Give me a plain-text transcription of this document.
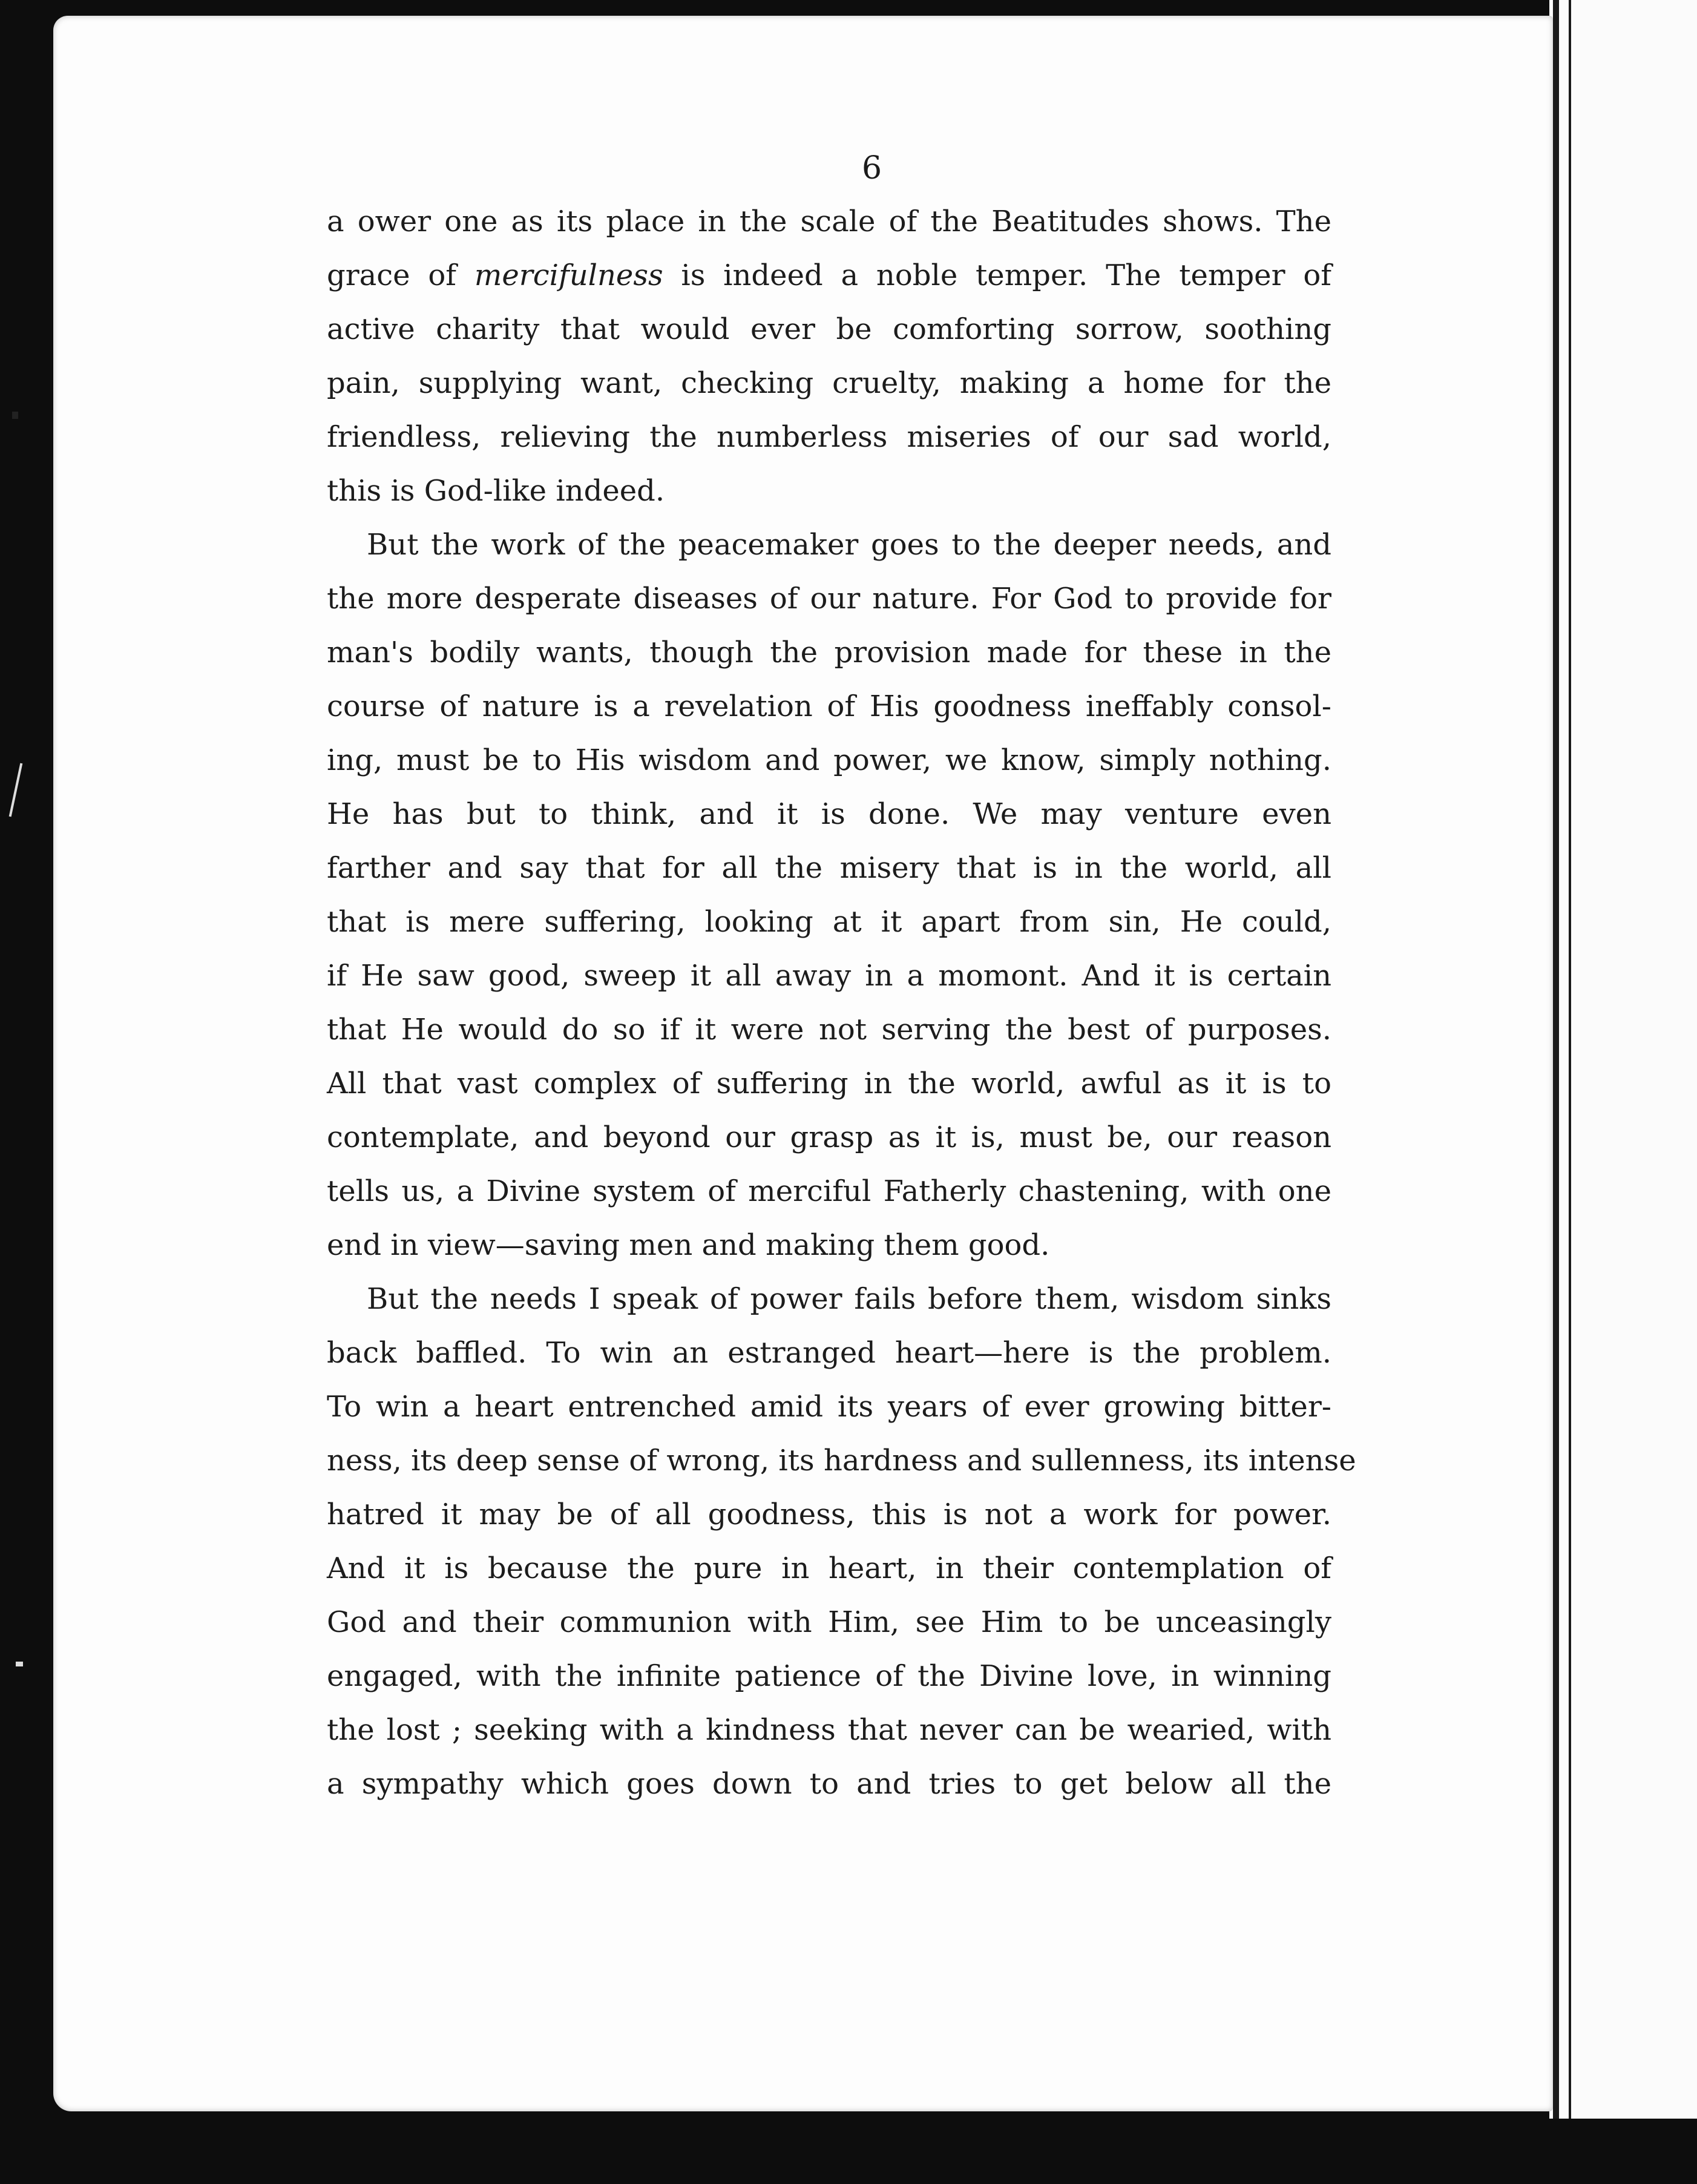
6
a ower one as its place in the scale of the Beatitudes shows. The
grace of mercifulness is indeed a noble temper. The temper of
active charity that would ever be comforting sorrow, soothing
pain, supplying want, checking cruelty, making a home for the
friendless, relieving the numberless miseries of our sad world,
this is God-like indeed.
But the work of the peacemaker goes to the deeper needs, and
the more desperate diseases of our nature. For God to provide for
man's bodily wants, though the provision made for these in the
course of nature is a revelation of His goodness ineffably consol-
ing, must be to His wisdom and power, we know, simply nothing.
He has but to think, and it is done. We may venture even
farther and say that for all the misery that is in the world, all
that is mere suffering, looking at it apart from sin, He could,
if He saw good, sweep it all away in a momont. And it is certain
that He would do so if it were not serving the best of purposes.
All that vast complex of suffering in the world, awful as it is to
contemplate, and beyond our grasp as it is, must be, our reason
tells us, a Divine system of merciful Fatherly chastening, with one
end in view—saving men and making them good.
But the needs I speak of power fails before them, wisdom sinks
back baffled. To win an estranged heart—here is the problem.
To win a heart entrenched amid its years of ever growing bitter-
ness, its deep sense of wrong, its hardness and sullenness, its intense
hatred it may be of all goodness, this is not a work for power.
And it is because the pure in heart, in their contemplation of
God and their communion with Him, see Him to be unceasingly
engaged, with the infinite patience of the Divine love, in winning
the lost ; seeking with a kindness that never can be wearied, with
a sympathy which goes down to and tries to get below all the
